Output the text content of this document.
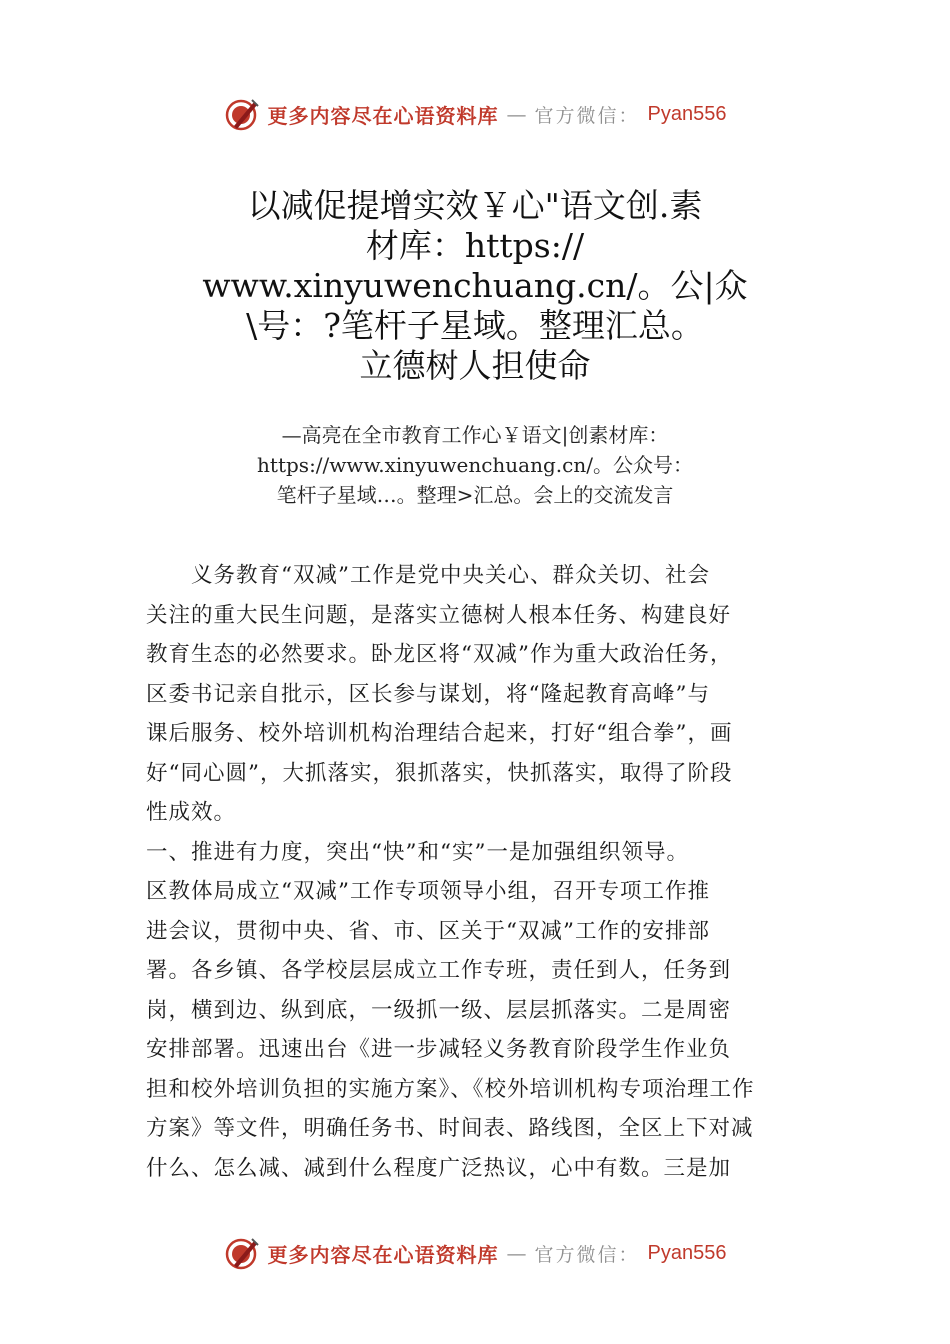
更多内容尽在心语资料库 — 官方微信： Pyan556
以减促提增实效￥心"语文创.素
材库：https://
www.xinyuwenchuang.cn/。公|众
\号：?笔杆子星域。整理汇总。
立德树人担使命
—高亮在全市教育工作心￥语文|创素材库：
https://www.xinyuwenchuang.cn/。公众号：
笔杆子星域…。整理>汇总。会上的交流发言
　　义务教育“双减”工作是党中央关心、群众关切、社会
关注的重大民生问题，是落实立德树人根本任务、构建良好
教育生态的必然要求。卧龙区将“双减”作为重大政治任务，
区委书记亲自批示，区长参与谋划，将“隆起教育高峰”与
课后服务、校外培训机构治理结合起来，打好“组合拳”，画
好“同心圆”，大抓落实，狠抓落实，快抓落实，取得了阶段
性成效。
一、推进有力度，突出“快”和“实”一是加强组织领导。
区教体局成立“双减”工作专项领导小组，召开专项工作推
进会议，贯彻中央、省、市、区关于“双减”工作的安排部
署。各乡镇、各学校层层成立工作专班，责任到人，任务到
岗，横到边、纵到底，一级抓一级、层层抓落实。二是周密
安排部署。迅速出台《进一步减轻义务教育阶段学生作业负
担和校外培训负担的实施方案》、《校外培训机构专项治理工作
方案》等文件，明确任务书、时间表、路线图，全区上下对减
什么、怎么减、减到什么程度广泛热议，心中有数。三是加
更多内容尽在心语资料库 — 官方微信： Pyan556
